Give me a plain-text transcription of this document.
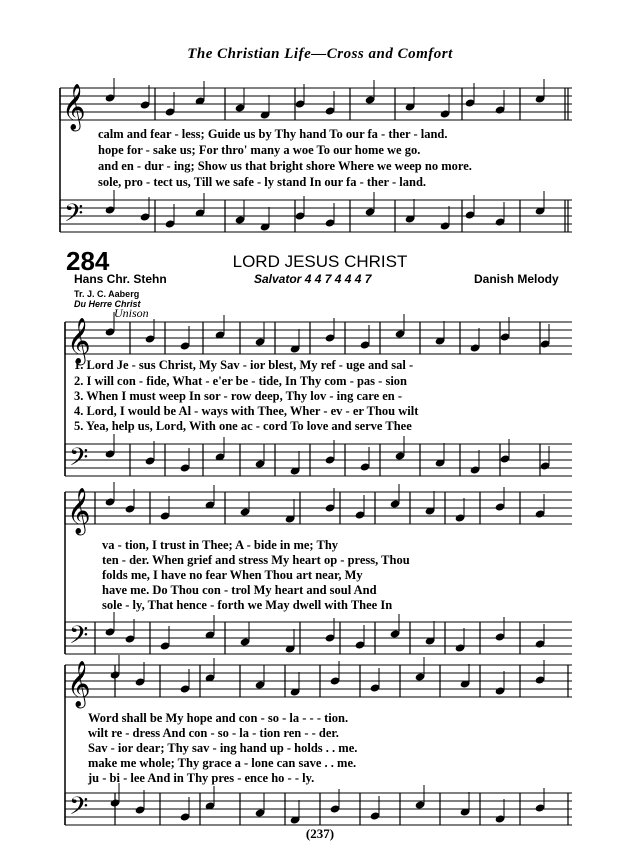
𝄞
𝄢
𝄞
𝄢
𝄞
𝄢
𝄞
𝄢
The Christian Life—Cross and Comfort
calm and fear - less; Guide us by Thy hand To our fa - ther - land.
hope for - sake us; For thro' many a woe To our home we go.
and en - dur - ing; Show us that bright shore Where we weep no more.
sole, pro - tect us, Till we safe - ly stand In our fa - ther - land.
284	LORD JESUS CHRIST
Hans Chr. Stehn	Salvator 4 4 7 4 4 4 7	Danish Melody
Tr. J. C. Aaberg
Du Herre Christ
Unison
1. Lord Je - sus Christ, My Sav - ior blest, My ref - uge and sal -
2. I will con - fide, What - e'er be - tide, In Thy com - pas - sion
3. When I must weep In sor - row deep, Thy lov - ing care en -
4. Lord, I would be Al - ways with Thee, Wher - ev - er Thou wilt
5. Yea, help us, Lord, With one ac - cord To love and serve Thee
va - tion, I trust in Thee; A - bide in me; Thy
ten - der. When grief and stress My heart op - press, Thou
folds me, I have no fear When Thou art near, My
have me. Do Thou con - trol My heart and soul And
sole - ly, That hence - forth we May dwell with Thee In
Word shall be My hope and con - so - la - - - tion.
wilt re - dress And con - so - la - tion ren - - der.
Sav - ior dear; Thy sav - ing hand up - holds . . me.
make me whole; Thy grace a - lone can save . . me.
ju - bi - lee And in Thy pres - ence ho - - ly.
(237)
